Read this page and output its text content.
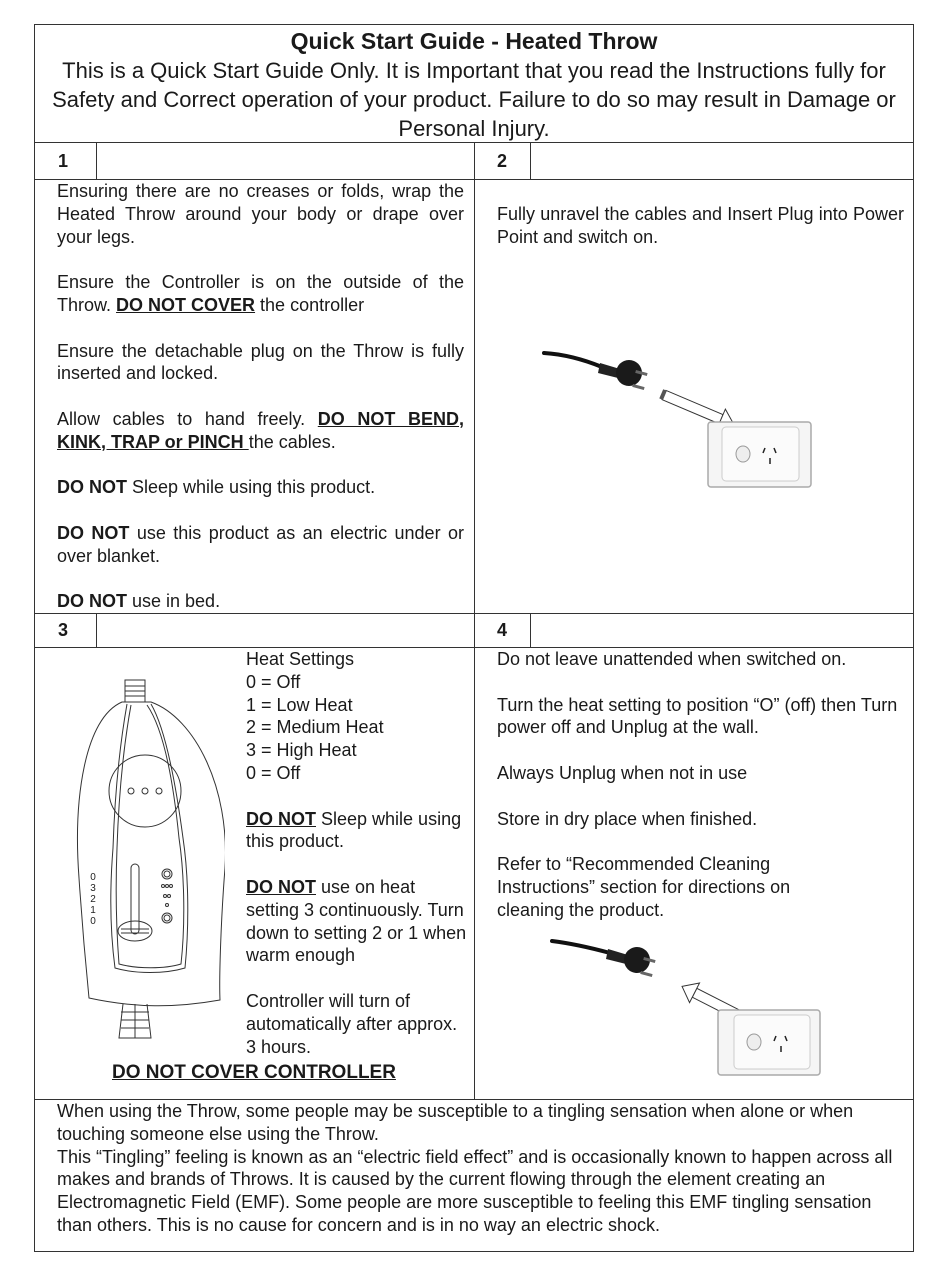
Quick Start Guide - Heated Throw
This is a Quick Start Guide Only. It is Important that you read the Instructions fully for Safety and Correct operation of your product. Failure to do so may result in Damage or Personal Injury.
1	2
3	4

Ensuring there are no creases or folds, wrap the Heated Throw around your body or drape over your legs.

Ensure the Controller is on the outside of the Throw. DO NOT COVER the controller

Ensure the detachable plug on the Throw is fully inserted and locked.

Allow cables to hand freely. DO NOT BEND, KINK, TRAP or PINCH the cables.

DO NOT Sleep while using this product.

DO NOT use this product as an electric under or over blanket.

DO NOT use in bed.

Fully unravel the cables and Insert Plug into Power Point and switch on.

0
3
2
1
0
Heat Settings
0 = Off
1 = Low Heat
2 = Medium Heat
3 = High Heat
0 = Off
DO NOT Sleep while using this product.
DO NOT use on heat setting 3 continuously. Turn down to setting 2 or 1 when warm enough
Controller will turn of automatically after approx. 3 hours.
DO NOT COVER CONTROLLER

Do not leave unattended when switched on.

Turn the heat setting to position “O” (off) then Turn power off and Unplug at the wall.

Always Unplug when not in use

Store in dry place when finished.

Refer to “Recommended Cleaning Instructions” section for directions on cleaning the product.

When using the Throw, some people may be susceptible to a tingling sensation when alone or when touching someone else using the Throw.
This “Tingling” feeling is known as an “electric field effect” and is occasionally known to happen across all makes and brands of Throws. It is caused by the current flowing through the element creating an Electromagnetic Field (EMF). Some people are more susceptible to feeling this EMF tingling sensation than others. This is no cause for concern and is in no way an electric shock.
